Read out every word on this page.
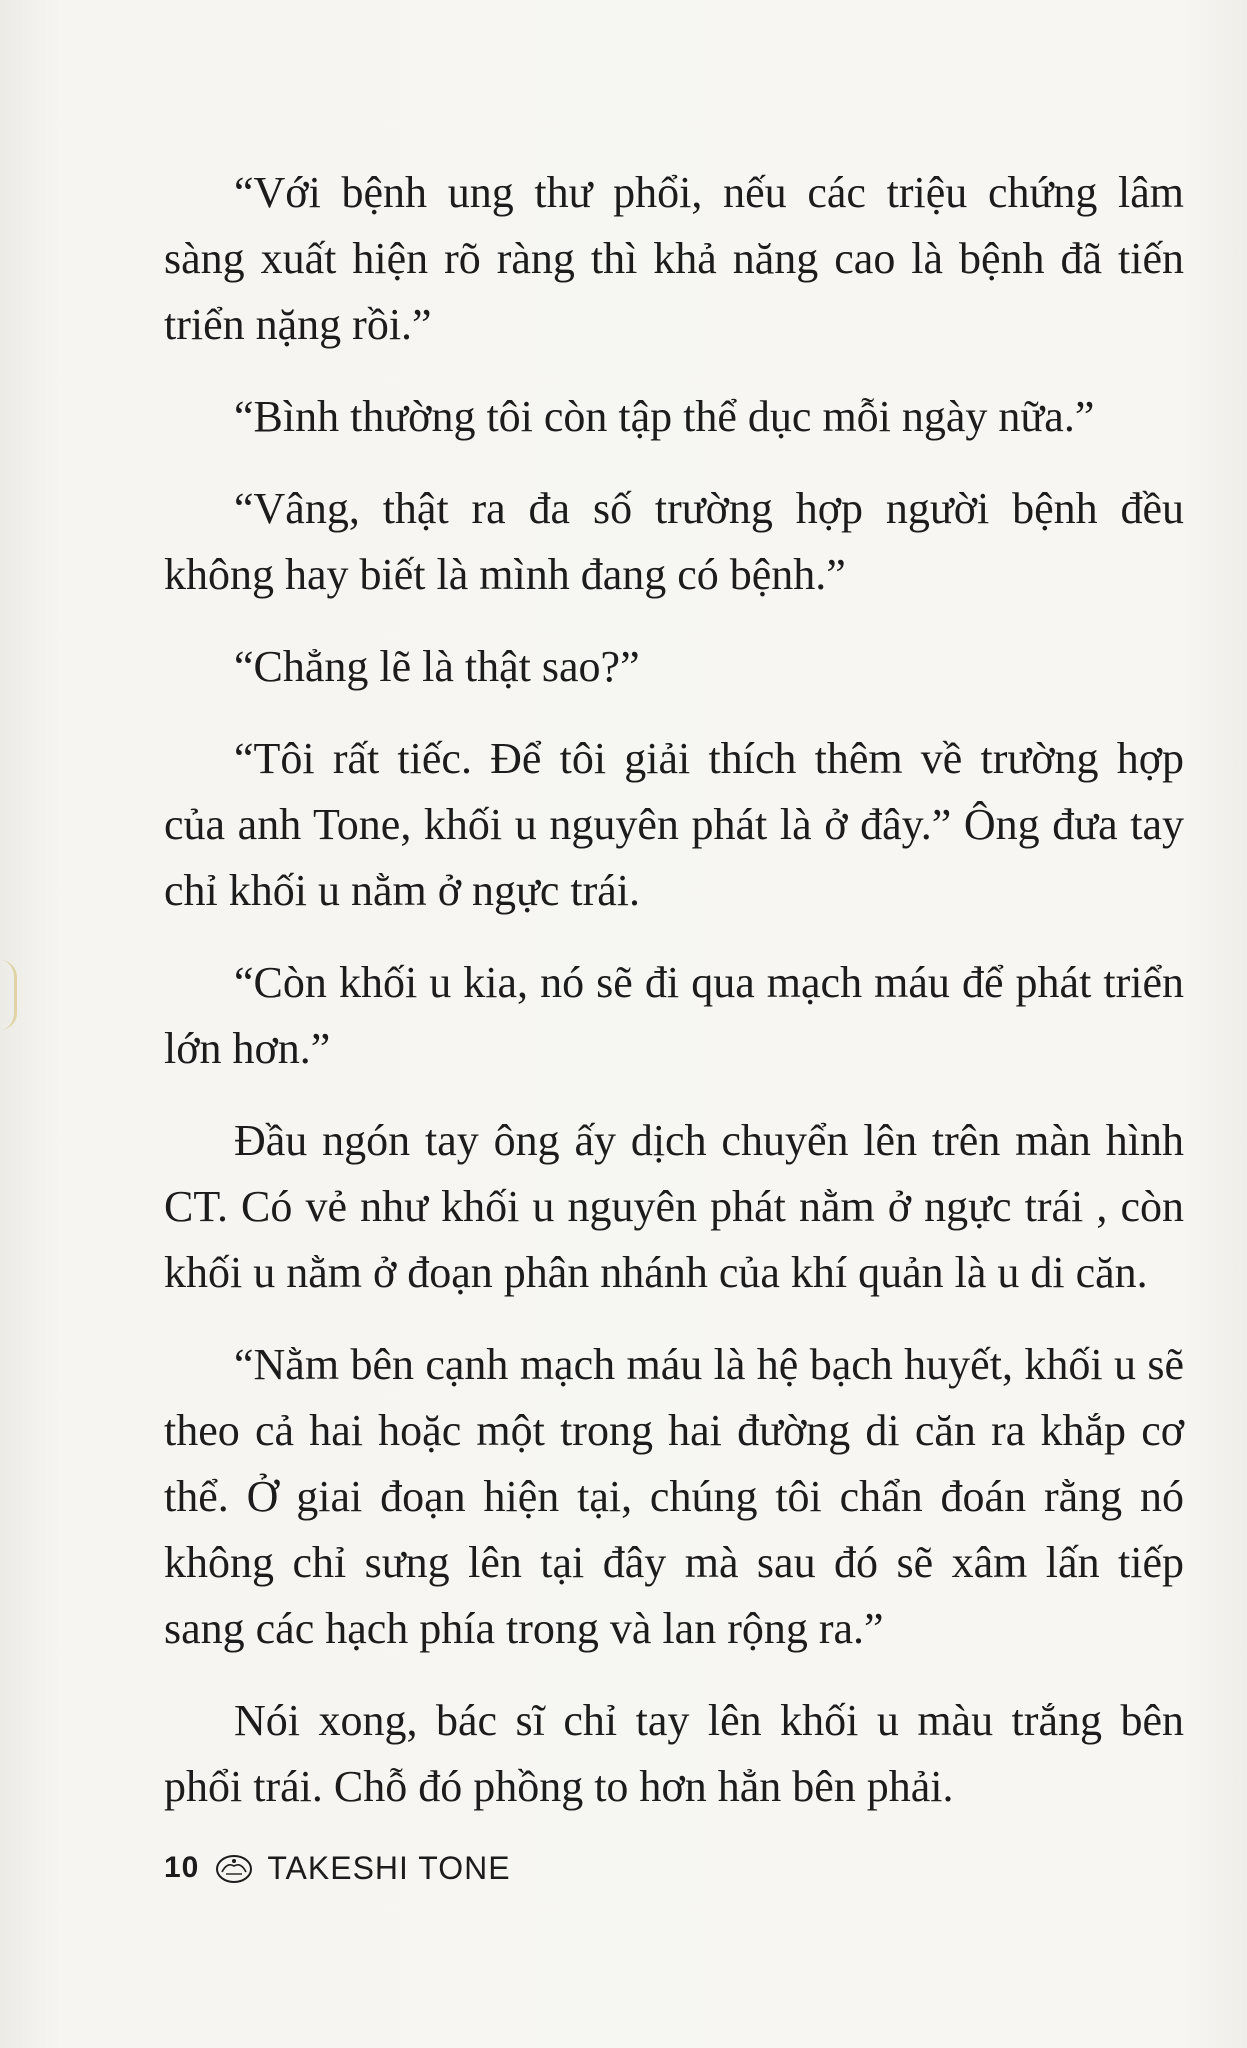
“Với bệnh ung thư phổi, nếu các triệu chứng lâm sàng xuất hiện rõ ràng thì khả năng cao là bệnh đã tiến triển nặng rồi.”

“Bình thường tôi còn tập thể dục mỗi ngày nữa.”

“Vâng, thật ra đa số trường hợp người bệnh đều không hay biết là mình đang có bệnh.”

“Chẳng lẽ là thật sao?”

“Tôi rất tiếc. Để tôi giải thích thêm về trường hợp của anh Tone, khối u nguyên phát là ở đây.” Ông đưa tay chỉ khối u nằm ở ngực trái.

“Còn khối u kia, nó sẽ đi qua mạch máu để phát triển lớn hơn.”

Đầu ngón tay ông ấy dịch chuyển lên trên màn hình CT. Có vẻ như khối u nguyên phát nằm ở ngực trái , còn khối u nằm ở đoạn phân nhánh của khí quản là u di căn.

“Nằm bên cạnh mạch máu là hệ bạch huyết, khối u sẽ theo cả hai hoặc một trong hai đường di căn ra khắp cơ thể. Ở giai đoạn hiện tại, chúng tôi chẩn đoán rằng nó không chỉ sưng lên tại đây mà sau đó sẽ xâm lấn tiếp sang các hạch phía trong và lan rộng ra.”

Nói xong, bác sĩ chỉ tay lên khối u màu trắng bên phổi trái. Chỗ đó phồng to hơn hẳn bên phải.

10 TAKESHI TONE
